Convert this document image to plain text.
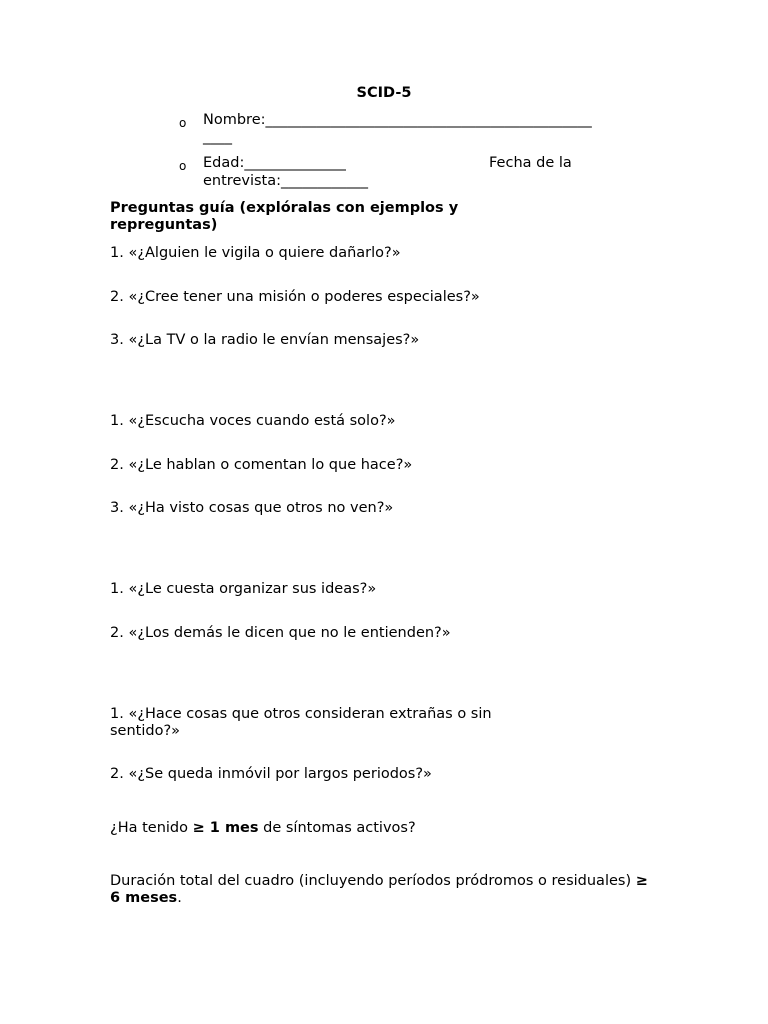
SCID-5
o Nombre:_____________________________________________
____
o Edad:______________	Fecha de la
entrevista:____________
Preguntas guía (explóralas con ejemplos y
repreguntas)
1. «¿Alguien le vigila o quiere dañarlo?»
2. «¿Cree tener una misión o poderes especiales?»
3. «¿La TV o la radio le envían mensajes?»
1. «¿Escucha voces cuando está solo?»
2. «¿Le hablan o comentan lo que hace?»
3. «¿Ha visto cosas que otros no ven?»
1. «¿Le cuesta organizar sus ideas?»
2. «¿Los demás le dicen que no le entienden?»
1. «¿Hace cosas que otros consideran extrañas o sin sentido?»
2. «¿Se queda inmóvil por largos periodos?»
¿Ha tenido ≥ 1 mes de síntomas activos?
Duración total del cuadro (incluyendo períodos pródromos o residuales) ≥ 6 meses.
